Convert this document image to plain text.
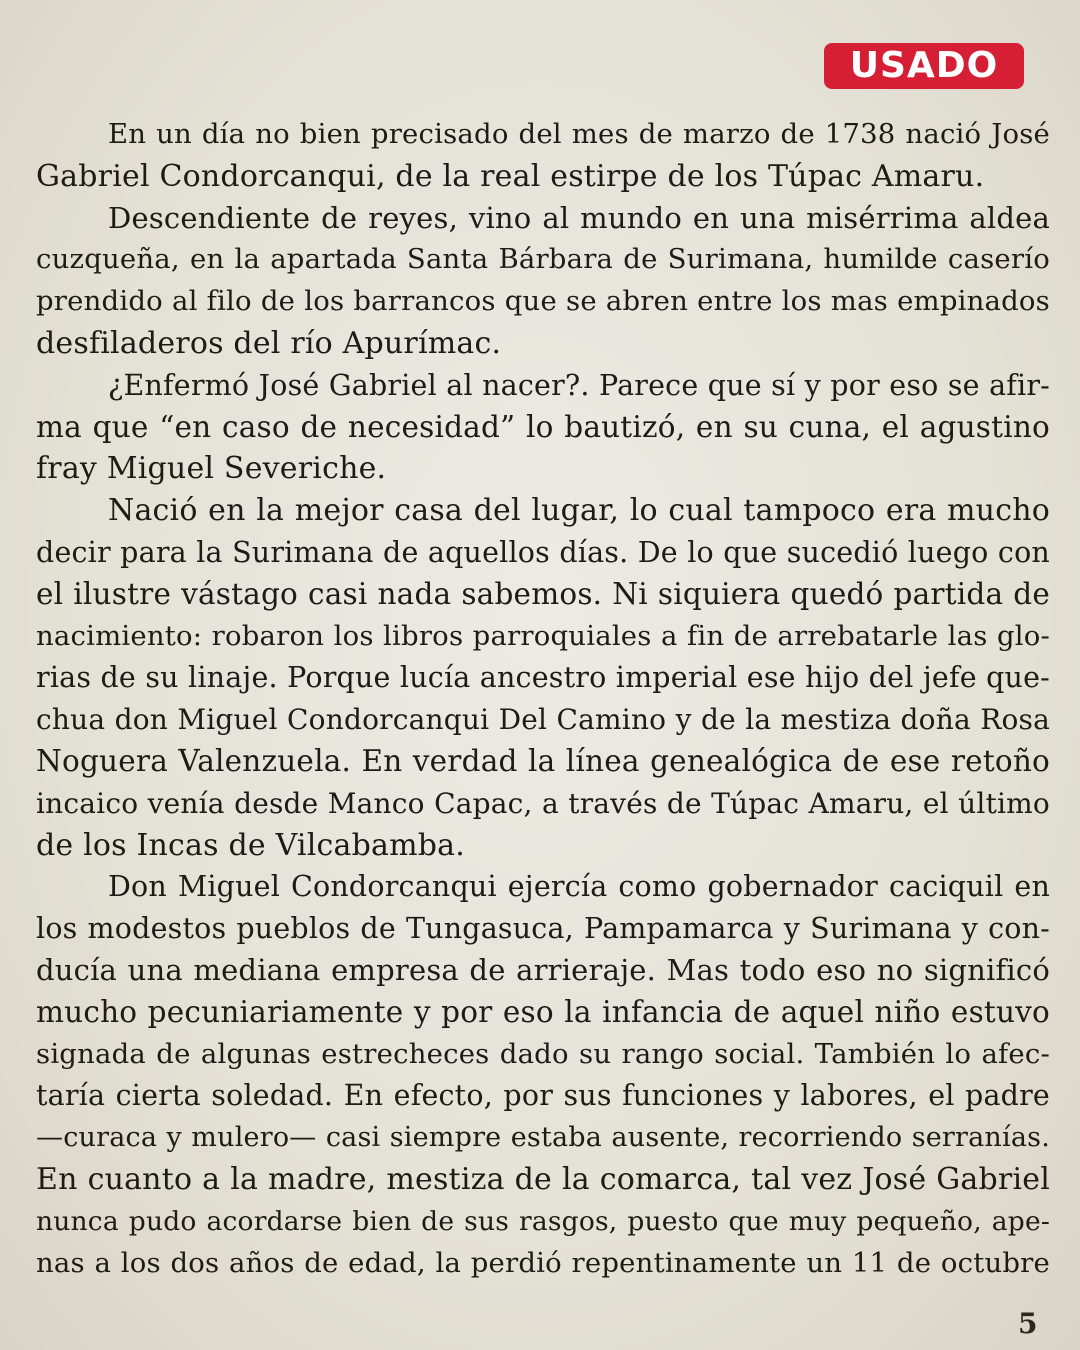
USADO
En un día no bien precisado del mes de marzo de 1738 nació José
Gabriel Condorcanqui, de la real estirpe de los Túpac Amaru.
Descendiente de reyes, vino al mundo en una misérrima aldea
cuzqueña, en la apartada Santa Bárbara de Surimana, humilde caserío
prendido al filo de los barrancos que se abren entre los mas empinados
desfiladeros del río Apurímac.
¿Enfermó José Gabriel al nacer?. Parece que sí y por eso se afir-
ma que “en caso de necesidad” lo bautizó, en su cuna, el agustino
fray Miguel Severiche.
Nació en la mejor casa del lugar, lo cual tampoco era mucho
decir para la Surimana de aquellos días. De lo que sucedió luego con
el ilustre vástago casi nada sabemos. Ni siquiera quedó partida de
nacimiento: robaron los libros parroquiales a fin de arrebatarle las glo-
rias de su linaje. Porque lucía ancestro imperial ese hijo del jefe que-
chua don Miguel Condorcanqui Del Camino y de la mestiza doña Rosa
Noguera Valenzuela. En verdad la línea genealógica de ese retoño
incaico venía desde Manco Capac, a través de Túpac Amaru, el último
de los Incas de Vilcabamba.
Don Miguel Condorcanqui ejercía como gobernador caciquil en
los modestos pueblos de Tungasuca, Pampamarca y Surimana y con-
ducía una mediana empresa de arrieraje. Mas todo eso no significó
mucho pecuniariamente y por eso la infancia de aquel niño estuvo
signada de algunas estrecheces dado su rango social. También lo afec-
taría cierta soledad. En efecto, por sus funciones y labores, el padre
—curaca y mulero— casi siempre estaba ausente, recorriendo serranías.
En cuanto a la madre, mestiza de la comarca, tal vez José Gabriel
nunca pudo acordarse bien de sus rasgos, puesto que muy pequeño, ape-
nas a los dos años de edad, la perdió repentinamente un 11 de octubre
5
